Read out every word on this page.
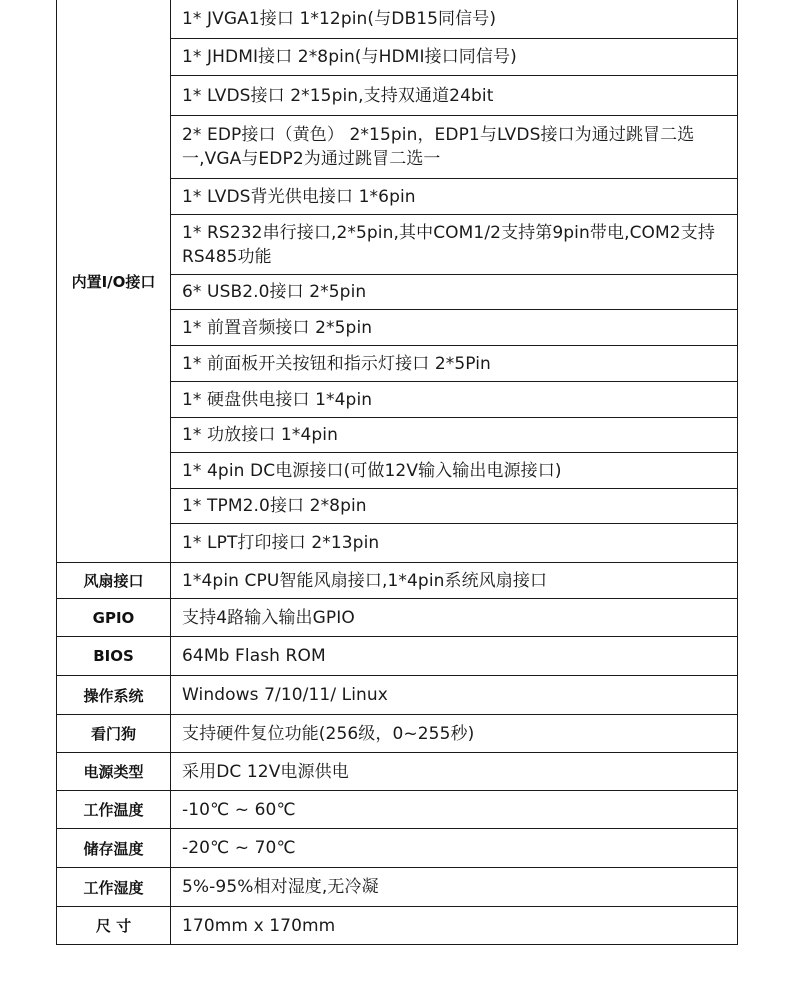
内置I/O接口	1* JVGA1接口 1*12pin(与DB15同信号)
	1* JHDMI接口 2*8pin(与HDMI接口同信号)
	1* LVDS接口 2*15pin,支持双通道24bit
	2* EDP接口（黄色） 2*15pin，EDP1与LVDS接口为通过跳冒二选一,VGA与EDP2为通过跳冒二选一
	1* LVDS背光供电接口 1*6pin
	1* RS232串行接口,2*5pin,其中COM1/2支持第9pin带电,COM2支持RS485功能
	6* USB2.0接口 2*5pin
	1* 前置音频接口 2*5pin
	1* 前面板开关按钮和指示灯接口 2*5Pin
	1* 硬盘供电接口 1*4pin
	1* 功放接口 1*4pin
	1* 4pin DC电源接口(可做12V输入输出电源接口)
	1* TPM2.0接口 2*8pin
	1* LPT打印接口 2*13pin
风扇接口	1*4pin CPU智能风扇接口,1*4pin系统风扇接口
GPIO	支持4路输入输出GPIO
BIOS	64Mb Flash ROM
操作系统	Windows 7/10/11/ Linux
看门狗	支持硬件复位功能(256级，0~255秒)
电源类型	采用DC 12V电源供电
工作温度	-10℃ ~ 60℃
储存温度	-20℃ ~ 70℃
工作湿度	5%-95%相对湿度,无冷凝
尺 寸	170mm x 170mm
